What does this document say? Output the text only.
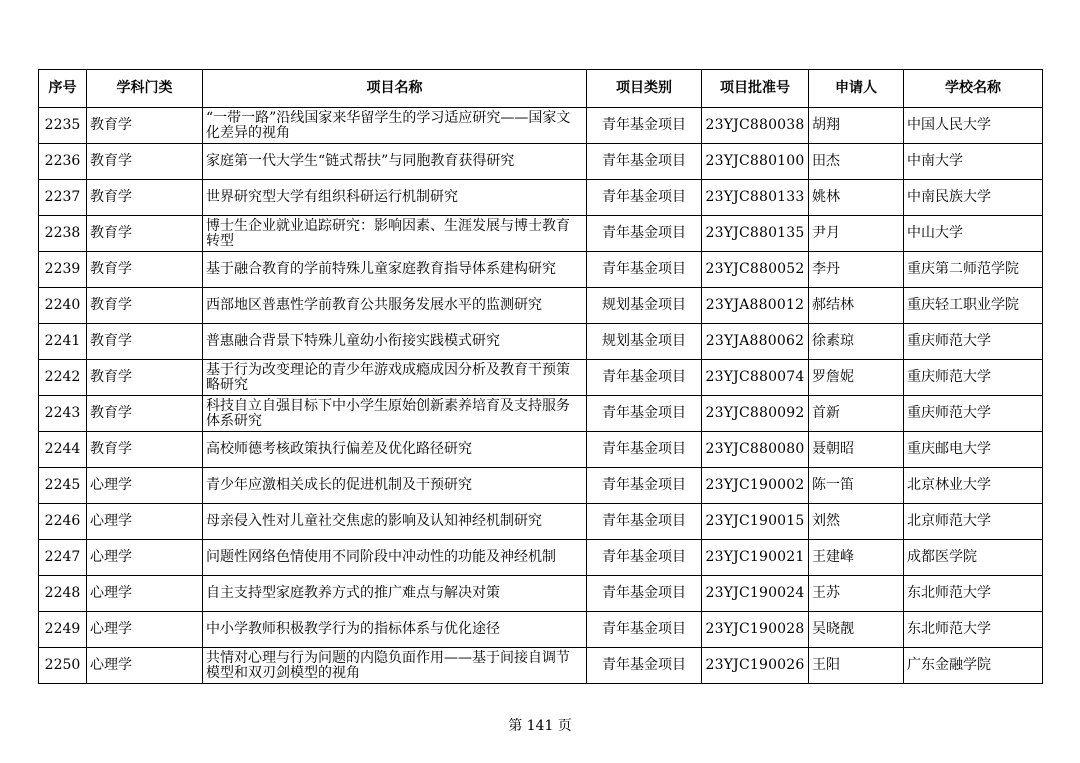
序号	学科门类	项目名称	项目类别	项目批准号	申请人	学校名称
2235	教育学	“一带一路”沿线国家来华留学生的学习适应研究——国家文化差异的视角	青年基金项目	23YJC880038	胡翔	中国人民大学
2236	教育学	家庭第一代大学生“链式帮扶”与同胞教育获得研究	青年基金项目	23YJC880100	田杰	中南大学
2237	教育学	世界研究型大学有组织科研运行机制研究	青年基金项目	23YJC880133	姚林	中南民族大学
2238	教育学	博士生企业就业追踪研究：影响因素、生涯发展与博士教育转型	青年基金项目	23YJC880135	尹月	中山大学
2239	教育学	基于融合教育的学前特殊儿童家庭教育指导体系建构研究	青年基金项目	23YJC880052	李丹	重庆第二师范学院
2240	教育学	西部地区普惠性学前教育公共服务发展水平的监测研究	规划基金项目	23YJA880012	郝结林	重庆轻工职业学院
2241	教育学	普惠融合背景下特殊儿童幼小衔接实践模式研究	规划基金项目	23YJA880062	徐素琼	重庆师范大学
2242	教育学	基于行为改变理论的青少年游戏成瘾成因分析及教育干预策略研究	青年基金项目	23YJC880074	罗詹妮	重庆师范大学
2243	教育学	科技自立自强目标下中小学生原始创新素养培育及支持服务体系研究	青年基金项目	23YJC880092	首新	重庆师范大学
2244	教育学	高校师德考核政策执行偏差及优化路径研究	青年基金项目	23YJC880080	聂朝昭	重庆邮电大学
2245	心理学	青少年应激相关成长的促进机制及干预研究	青年基金项目	23YJC190002	陈一笛	北京林业大学
2246	心理学	母亲侵入性对儿童社交焦虑的影响及认知神经机制研究	青年基金项目	23YJC190015	刘然	北京师范大学
2247	心理学	问题性网络色情使用不同阶段中冲动性的功能及神经机制	青年基金项目	23YJC190021	王建峰	成都医学院
2248	心理学	自主支持型家庭教养方式的推广难点与解决对策	青年基金项目	23YJC190024	王苏	东北师范大学
2249	心理学	中小学教师积极教学行为的指标体系与优化途径	青年基金项目	23YJC190028	吴晓靓	东北师范大学
2250	心理学	共情对心理与行为问题的内隐负面作用——基于间接自调节模型和双刃剑模型的视角	青年基金项目	23YJC190026	王阳	广东金融学院
第 141 页
